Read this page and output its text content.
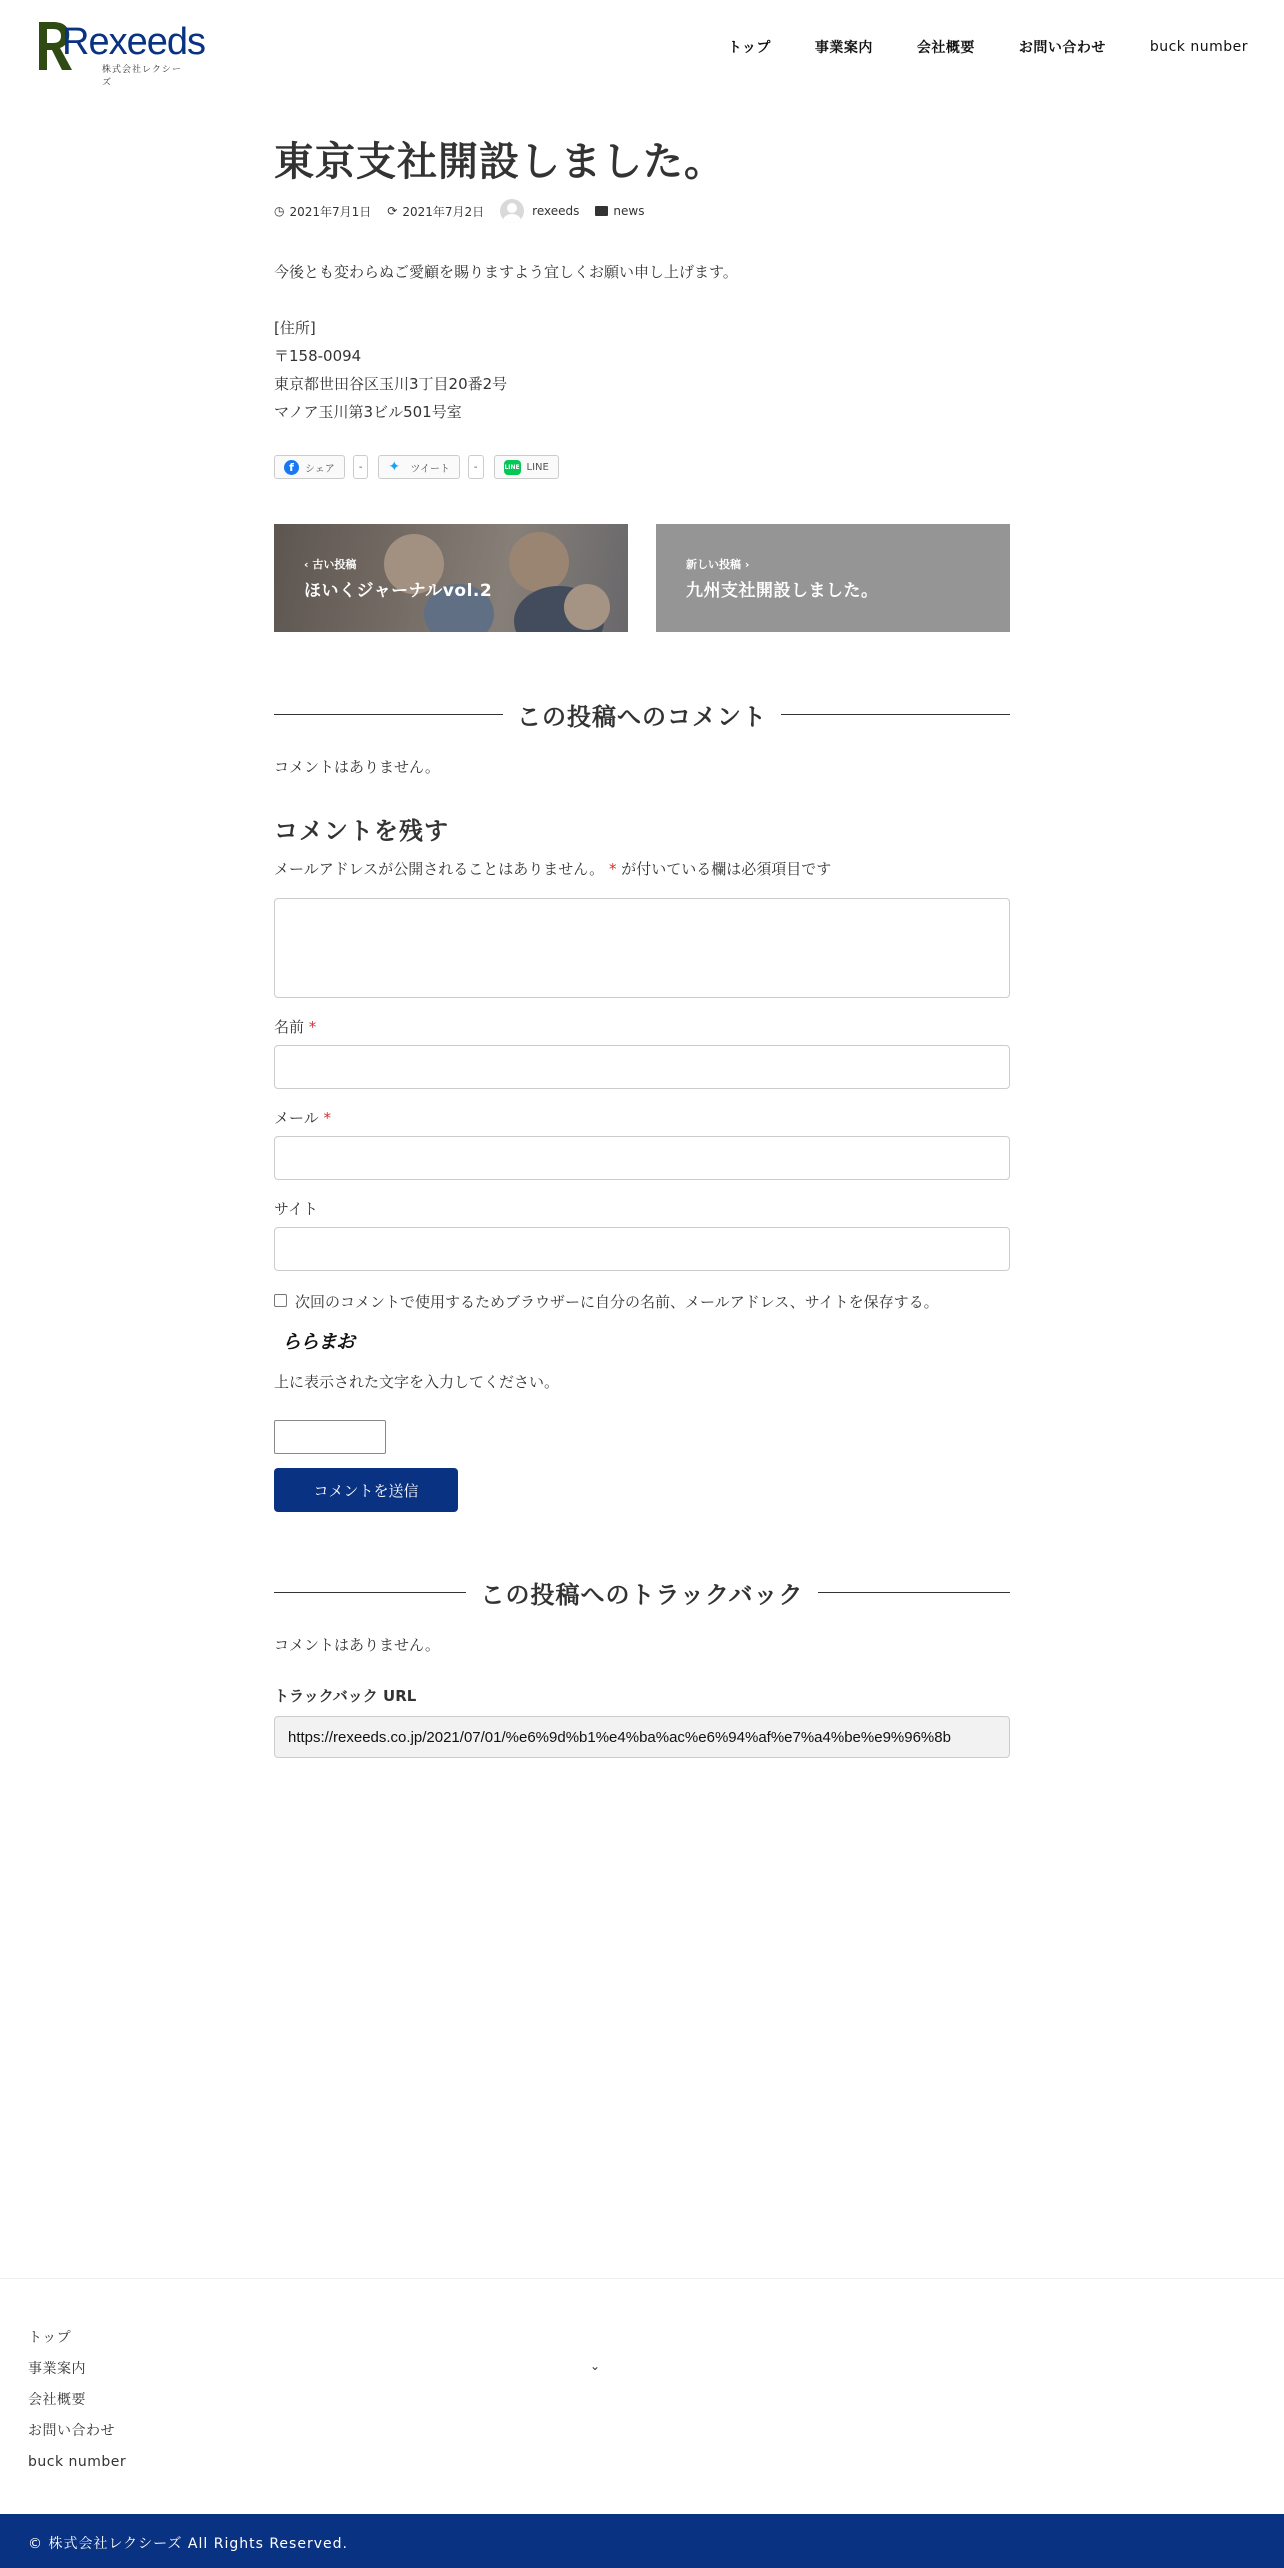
Rexeeds
株式会社レクシーズ
トップ	事業案内	会社概要	お問い合わせ	buck number
東京支社開設しました。
◷ 2021年7月1日 ⟳ 2021年7月2日	rexeeds	news

今後とも変わらぬご愛顧を賜りますよう宜しくお願い申し上げます。

[住所]
〒158-0094
東京都世田谷区玉川3丁目20番2号
マノア玉川第3ビル501号室

f	シェア	-	✦	ツイート	-	LINE LINE
‹ 古い投稿
ほいくジャーナルvol.2
新しい投稿 ›
九州支社開設しました。
この投稿へのコメント

コメントはありません。

コメントを残す

メールアドレスが公開されることはありません。 * が付いている欄は必須項目です

名前 *
メール *
サイト
次回のコメントで使用するためブラウザーに自分の名前、メールアドレス、サイトを保存する。
ららまお

上に表示された文字を入力してください。

コメントを送信
この投稿へのトラックバック

コメントはありません。

トラックバック URL

https://rexeeds.co.jp/2021/07/01/%e6%9d%b1%e4%ba%ac%e6%94%af%e7%a4%be%e9%96%8b
トップ
事業案内
会社概要
お問い合わせ
buck number
⌄
© 株式会社レクシーズ All Rights Reserved.
